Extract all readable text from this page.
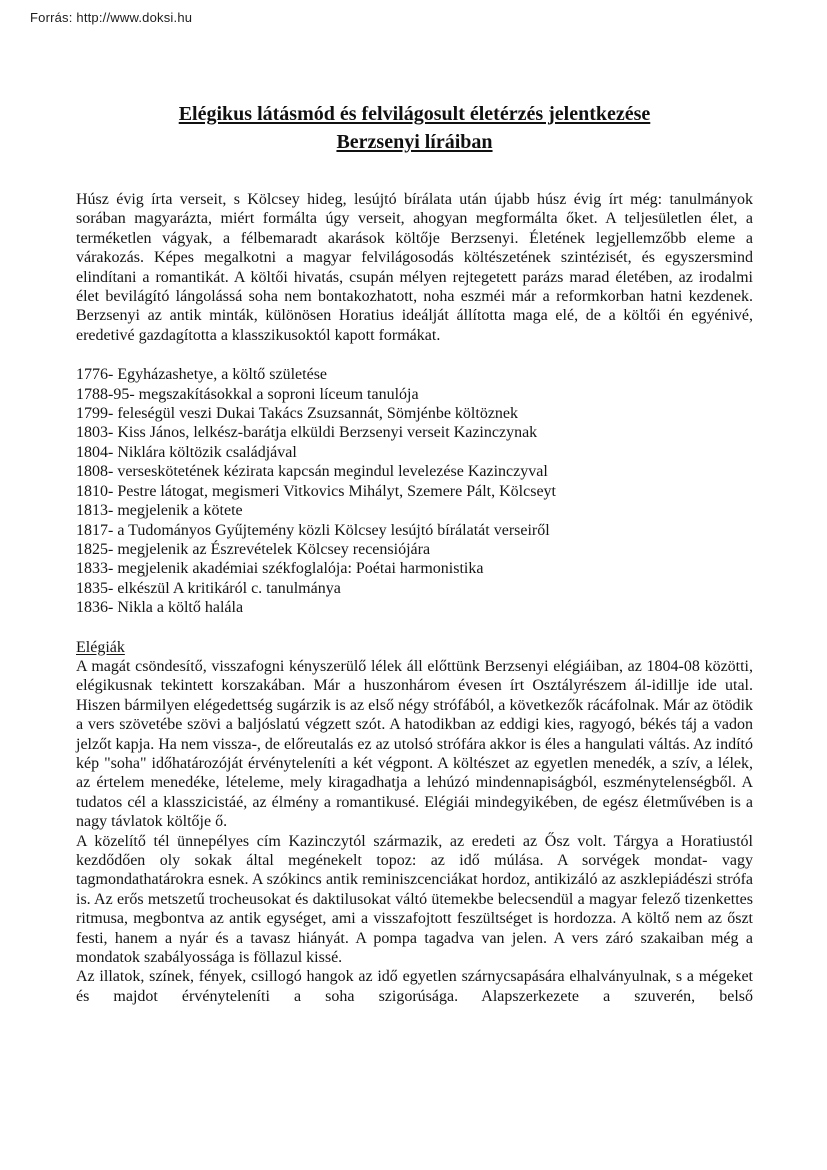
Forrás: http://www.doksi.hu
Elégikus látásmód és felvilágosult életérzés jelentkezése
Berzsenyi líráiban

Húsz évig írta verseit, s Kölcsey hideg, lesújtó bírálata után újabb húsz évig írt még: tanulmányok sorában magyarázta, miért formálta úgy verseit, ahogyan megformálta őket. A teljesületlen élet, a terméketlen vágyak, a félbemaradt akarások költője Berzsenyi. Életének legjellemzőbb eleme a várakozás. Képes megalkotni a magyar felvilágosodás költészetének szintézisét, és egyszersmind elindítani a romantikát. A költői hivatás, csupán mélyen rejtegetett parázs marad életében, az irodalmi élet bevilágító lángolássá soha nem bontakozhatott, noha eszméi már a reformkorban hatni kezdenek. Berzsenyi az antik minták, különösen Horatius ideálját állította maga elé, de a költői én egyénivé, eredetivé gazdagította a klasszikusoktól kapott formákat.

1776- Egyházashetye, a költő születése
1788-95- megszakításokkal a soproni líceum tanulója
1799- feleségül veszi Dukai Takács Zsuzsannát, Sömjénbe költöznek
1803- Kiss János, lelkész-barátja elküldi Berzsenyi verseit Kazinczynak
1804- Niklára költözik családjával
1808- verseskötetének kézirata kapcsán megindul levelezése Kazinczyval
1810- Pestre látogat, megismeri Vitkovics Mihályt, Szemere Pált, Kölcseyt
1813- megjelenik a kötete
1817- a Tudományos Gyűjtemény közli Kölcsey lesújtó bírálatát verseiről
1825- megjelenik az Észrevételek Kölcsey recensiójára
1833- megjelenik akadémiai székfoglalója: Poétai harmonistika
1835- elkészül A kritikáról c. tanulmánya
1836- Nikla a költő halála
Elégiák

A magát csöndesítő, visszafogni kényszerülő lélek áll előttünk Berzsenyi elégiáiban, az 1804-08 közötti, elégikusnak tekintett korszakában. Már a huszonhárom évesen írt Osztályrészem ál-idillje ide utal. Hiszen bármilyen elégedettség sugárzik is az első négy strófából, a következők rácáfolnak. Már az ötödik a vers szövetébe szövi a baljóslatú végzett szót. A hatodikban az eddigi kies, ragyogó, békés táj a vadon jelzőt kapja. Ha nem vissza-, de előreutalás ez az utolsó strófára akkor is éles a hangulati váltás. Az indító kép "soha" időhatározóját érvényteleníti a két végpont. A költészet az egyetlen menedék, a szív, a lélek, az értelem menedéke, lételeme, mely kiragadhatja a lehúzó mindennapiságból, eszménytelenségből. A tudatos cél a klasszicistáé, az élmény a romantikusé. Elégiái mindegyikében, de egész életművében is a nagy távlatok költője ő.

A közelítő tél ünnepélyes cím Kazinczytól származik, az eredeti az Ősz volt. Tárgya a Horatiustól kezdődően oly sokak által megénekelt topoz: az idő múlása. A sorvégek mondat- vagy tagmondathatárokra esnek. A szókincs antik reminiszcenciákat hordoz, antikizáló az aszklepiádészi strófa is. Az erős metszetű trocheusokat és daktilusokat váltó ütemekbe belecsendül a magyar felező tizenkettes ritmusa, megbontva az antik egységet, ami a visszafojtott feszültséget is hordozza. A költő nem az őszt festi, hanem a nyár és a tavasz hiányát. A pompa tagadva van jelen. A vers záró szakaiban még a mondatok szabályossága is föllazul kissé.

Az illatok, színek, fények, csillogó hangok az idő egyetlen szárnycsapására elhalványulnak, s a mégeket és majdot érvényteleníti a soha szigorúsága. Alapszerkezete a szuverén, belső
